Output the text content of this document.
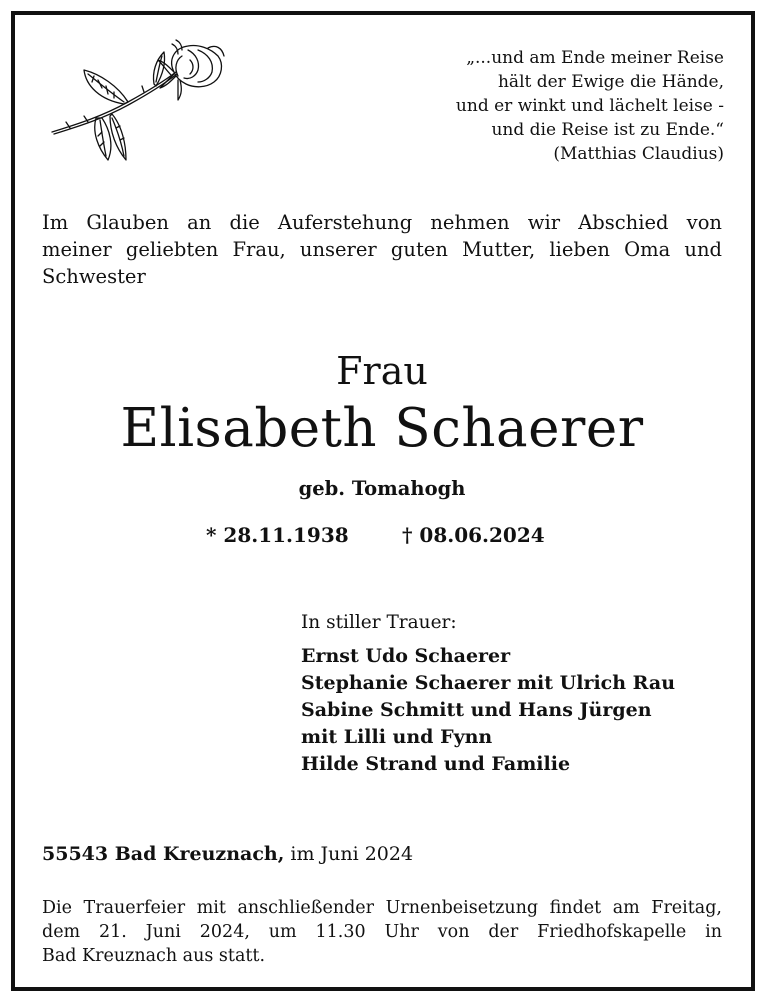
„...und am Ende meiner Reise
hält der Ewige die Hände,
und er winkt und lächelt leise -
und die Reise ist zu Ende.“
(Matthias Claudius)
Im Glauben an die Auferstehung nehmen wir Abschied von
meiner geliebten Frau, unserer guten Mutter, lieben Oma und
Schwester
Frau
Elisabeth Schaerer
geb. Tomahogh
* 28.11.1938	† 08.06.2024
In stiller Trauer:
Ernst Udo Schaerer
Stephanie Schaerer mit Ulrich Rau
Sabine Schmitt und Hans Jürgen
mit Lilli und Fynn
Hilde Strand und Familie
55543 Bad Kreuznach, im Juni 2024
Die Trauerfeier mit anschließender Urnenbeisetzung findet am Freitag,
dem 21. Juni 2024, um 11.30 Uhr von der Friedhofskapelle in
Bad Kreuznach aus statt.
